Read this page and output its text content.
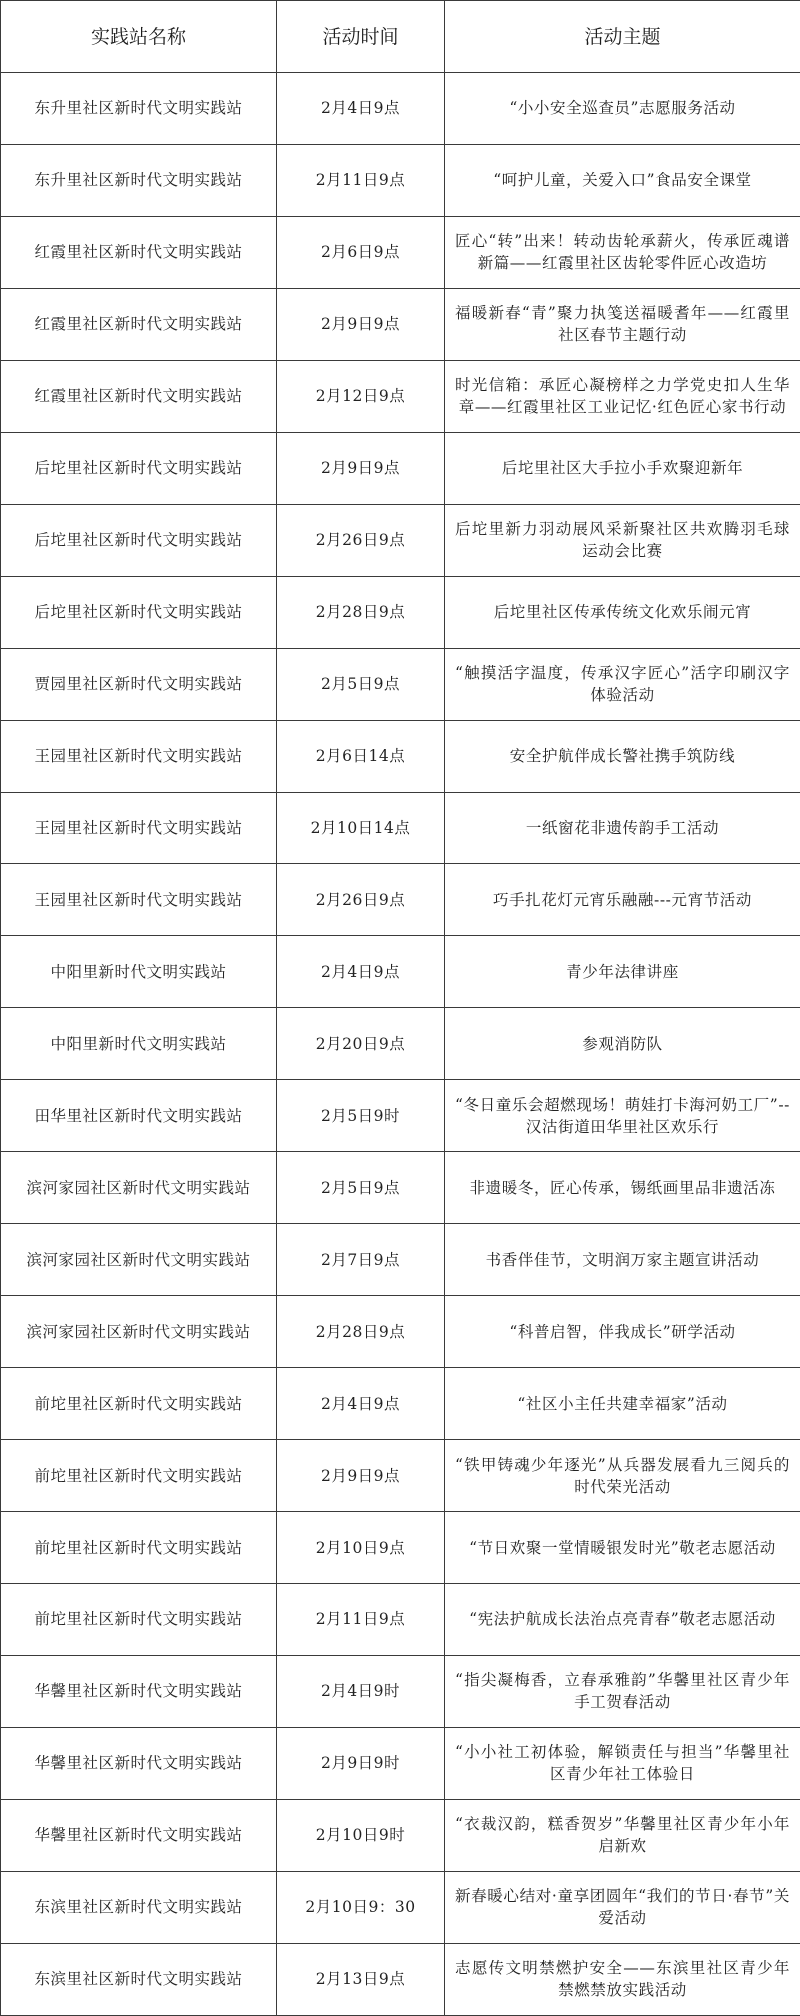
实践站名称	活动时间	活动主题
东升里社区新时代文明实践站	2月4日9点	“小小安全巡查员”志愿服务活动
东升里社区新时代文明实践站	2月11日9点	“呵护儿童，关爱入口”食品安全课堂
红霞里社区新时代文明实践站	2月6日9点	匠心“转”出来！转动齿轮承薪火，传承匠魂谱新篇——红霞里社区齿轮零件匠心改造坊
红霞里社区新时代文明实践站	2月9日9点	福暖新春“青”聚力执笺送福暖耆年——红霞里社区春节主题行动
红霞里社区新时代文明实践站	2月12日9点	时光信箱：承匠心凝榜样之力学党史扣人生华章——红霞里社区工业记忆·红色匠心家书行动
后坨里社区新时代文明实践站	2月9日9点	后坨里社区大手拉小手欢聚迎新年
后坨里社区新时代文明实践站	2月26日9点	后坨里新力羽动展风采新聚社区共欢腾羽毛球运动会比赛
后坨里社区新时代文明实践站	2月28日9点	后坨里社区传承传统文化欢乐闹元宵
贾园里社区新时代文明实践站	2月5日9点	“触摸活字温度，传承汉字匠心”活字印刷汉字体验活动
王园里社区新时代文明实践站	2月6日14点	安全护航伴成长警社携手筑防线
王园里社区新时代文明实践站	2月10日14点	一纸窗花非遗传韵手工活动
王园里社区新时代文明实践站	2月26日9点	巧手扎花灯元宵乐融融---元宵节活动
中阳里新时代文明实践站	2月4日9点	青少年法律讲座
中阳里新时代文明实践站	2月20日9点	参观消防队
田华里社区新时代文明实践站	2月5日9时	“冬日童乐会超燃现场！萌娃打卡海河奶工厂”--汉沽街道田华里社区欢乐行
滨河家园社区新时代文明实践站	2月5日9点	非遗暖冬，匠心传承，锡纸画里品非遗活冻
滨河家园社区新时代文明实践站	2月7日9点	书香伴佳节，文明润万家主题宣讲活动
滨河家园社区新时代文明实践站	2月28日9点	“科普启智，伴我成长”研学活动
前坨里社区新时代文明实践站	2月4日9点	“社区小主任共建幸福家”活动
前坨里社区新时代文明实践站	2月9日9点	“铁甲铸魂少年逐光”从兵器发展看九三阅兵的时代荣光活动
前坨里社区新时代文明实践站	2月10日9点	“节日欢聚一堂情暖银发时光”敬老志愿活动
前坨里社区新时代文明实践站	2月11日9点	“宪法护航成长法治点亮青春”敬老志愿活动
华馨里社区新时代文明实践站	2月4日9时	“指尖凝梅香，立春承雅韵”华馨里社区青少年手工贺春活动
华馨里社区新时代文明实践站	2月9日9时	“小小社工初体验，解锁责任与担当”华馨里社区青少年社工体验日
华馨里社区新时代文明实践站	2月10日9时	“衣裁汉韵，糕香贺岁”华馨里社区青少年小年启新欢
东滨里社区新时代文明实践站	2月10日9：30	新春暖心结对·童享团圆年“我们的节日·春节”关爱活动
东滨里社区新时代文明实践站	2月13日9点	志愿传文明禁燃护安全——东滨里社区青少年禁燃禁放实践活动
